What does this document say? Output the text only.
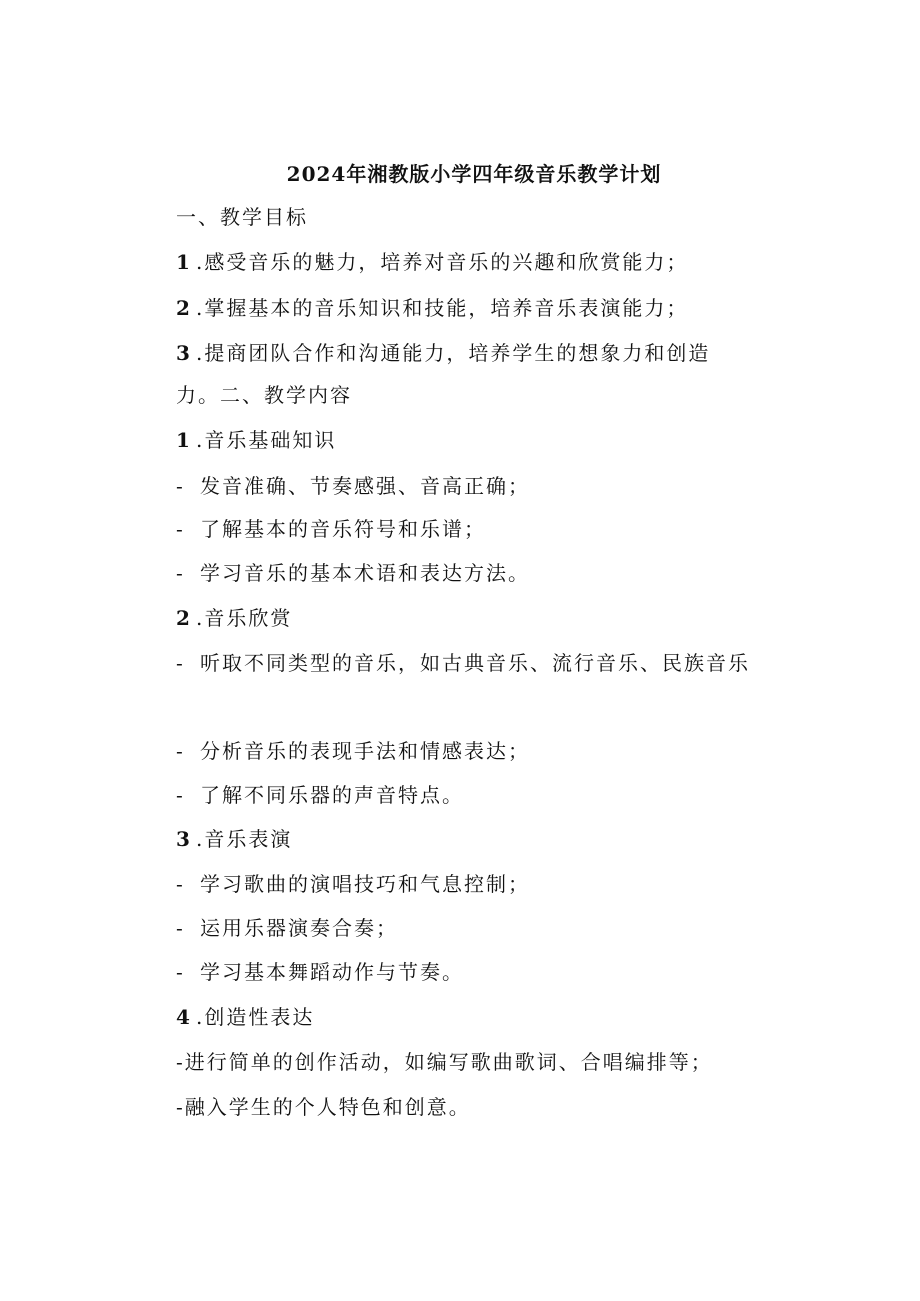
2024年湘教版小学四年级音乐教学计划
一、教学目标
1 .感受音乐的魅力，培养对音乐的兴趣和欣赏能力；
2 .掌握基本的音乐知识和技能，培养音乐表演能力；
3 .提商团队合作和沟通能力，培养学生的想象力和创造
力。二、教学内容
1 .音乐基础知识
- 发音准确、节奏感强、音高正确；
- 了解基本的音乐符号和乐谱；
- 学习音乐的基本术语和表达方法。
2 .音乐欣赏
- 听取不同类型的音乐，如古典音乐、流行音乐、民族音乐
- 分析音乐的表现手法和情感表达；
- 了解不同乐器的声音特点。
3 .音乐表演
- 学习歌曲的演唱技巧和气息控制；
- 运用乐器演奏合奏；
- 学习基本舞蹈动作与节奏。
4 .创造性表达
-进行简单的创作活动，如编写歌曲歌词、合唱编排等；
-融入学生的个人特色和创意。
